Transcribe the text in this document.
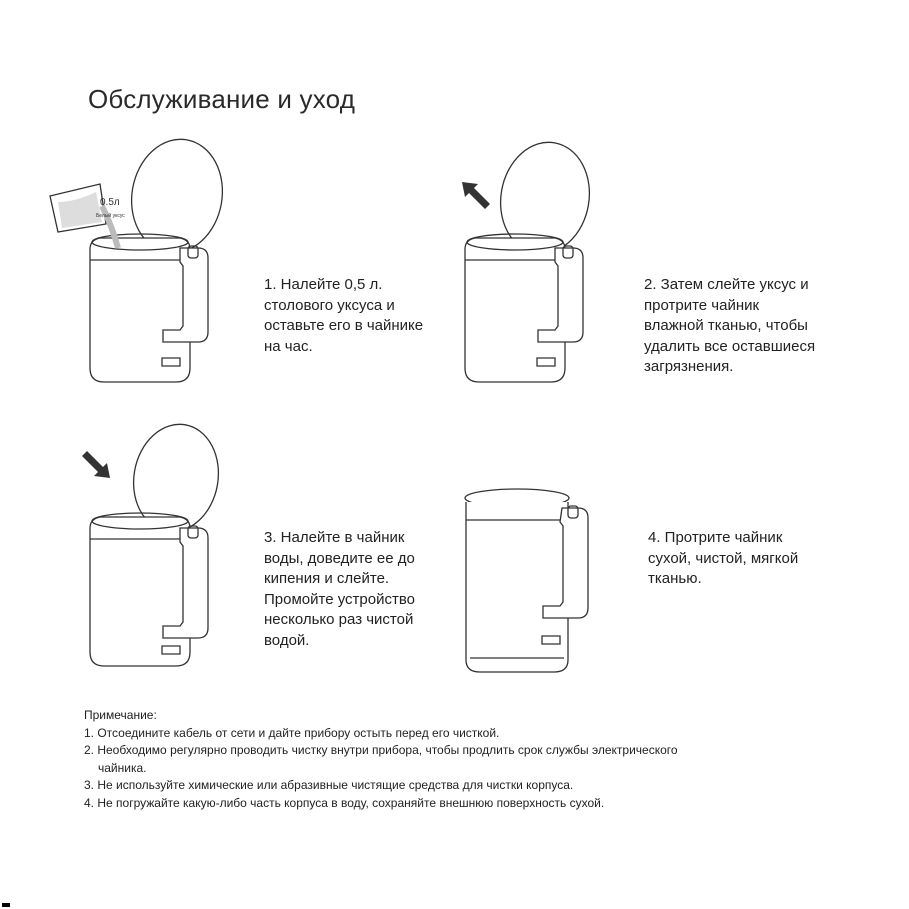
Обслуживание и уход
0.5л
Белый уксус

1. Налейте 0,5 л.

столового уксуса и

оставьте его в чайнике

на час.

2. Затем слейте уксус и

протрите чайник

влажной тканью, чтобы

удалить все оставшиеся

загрязнения.

3. Налейте в чайник

воды, доведите ее до

кипения и слейте.

Промойте устройство

несколько раз чистой

водой.

4. Протрите чайник

сухой, чистой, мягкой

тканью.

Примечание:

1. Отсоедините кабель от сети и дайте прибору остыть перед его чисткой.

2. Необходимо регулярно проводить чистку внутри прибора, чтобы продлить срок службы электрического

чайника.

3. Не используйте химические или абразивные чистящие средства для чистки корпуса.

4. Не погружайте какую-либо часть корпуса в воду, сохраняйте внешнюю поверхность сухой.
